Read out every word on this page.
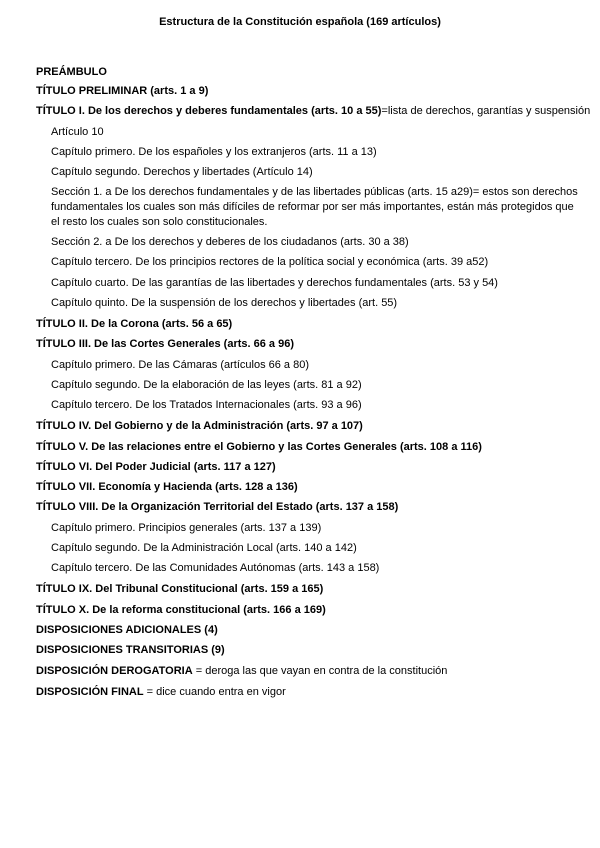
Estructura de la Constitución española (169 artículos)
PREÁMBULO
TÍTULO PRELIMINAR (arts. 1 a 9)
TÍTULO I. De los derechos y deberes fundamentales (arts. 10 a 55)=lista de derechos, garantías y suspensión
Artículo 10
Capítulo primero. De los españoles y los extranjeros (arts. 11 a 13)
Capítulo segundo. Derechos y libertades (Artículo 14)
Sección 1. a De los derechos fundamentales y de las libertades públicas (arts. 15 a29)= estos son derechos fundamentales los cuales son más difíciles de reformar por ser más importantes, están más protegidos que el resto los cuales son solo constitucionales.
Sección 2. a De los derechos y deberes de los ciudadanos (arts. 30 a 38)
Capítulo tercero. De los principios rectores de la política social y económica (arts. 39 a52)
Capítulo cuarto. De las garantías de las libertades y derechos fundamentales (arts. 53 y 54)
Capítulo quinto. De la suspensión de los derechos y libertades (art. 55)
TÍTULO II. De la Corona (arts. 56 a 65)
TÍTULO III. De las Cortes Generales (arts. 66 a 96)
Capítulo primero. De las Cámaras (artículos 66 a 80)
Capítulo segundo. De la elaboración de las leyes (arts. 81 a 92)
Capítulo tercero. De los Tratados Internacionales (arts. 93 a 96)
TÍTULO IV. Del Gobierno y de la Administración (arts. 97 a 107)
TÍTULO V. De las relaciones entre el Gobierno y las Cortes Generales (arts. 108 a 116)
TÍTULO VI. Del Poder Judicial (arts. 117 a 127)
TÍTULO VII. Economía y Hacienda (arts. 128 a 136)
TÍTULO VIII. De la Organización Territorial del Estado (arts. 137 a 158)
Capítulo primero. Principios generales (arts. 137 a 139)
Capítulo segundo. De la Administración Local (arts. 140 a 142)
Capítulo tercero. De las Comunidades Autónomas (arts. 143 a 158)
TÍTULO IX. Del Tribunal Constitucional (arts. 159 a 165)
TÍTULO X. De la reforma constitucional (arts. 166 a 169)
DISPOSICIONES ADICIONALES (4)
DISPOSICIONES TRANSITORIAS (9)
DISPOSICIÓN DEROGATORIA = deroga las que vayan en contra de la constitución
DISPOSICIÓN FINAL = dice cuando entra en vigor
